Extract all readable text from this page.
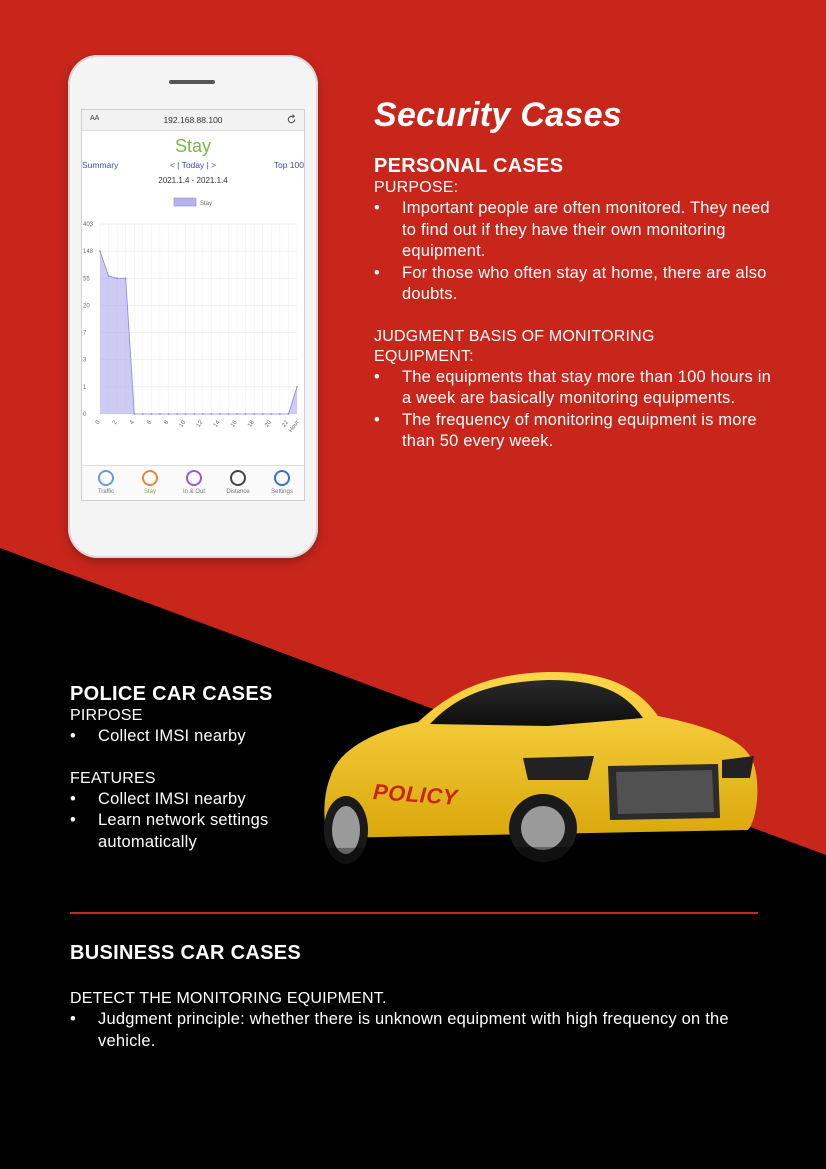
Security Cases
PERSONAL CASES
PURPOSE:
• Important people are often monitored. They need to find out if they have their own monitoring equipment.
• For those who often stay at home, there are also doubts.
JUDGMENT BASIS OF MONITORING
EQUIPMENT:
• The equipments that stay more than 100 hours in a week are basically monitoring equipments.
• The frequency of monitoring equipment is more than 50 every week.
AA	192.168.88.100
Stay
Summary	< | Today | >	Top 100
2021.1.4 - 2021.1.4
Stay
403
148
55
20
7
3
1
0
0 2 4 6 8 10 12 14 16 18 20 22
Hour
Traffic	Stay	In & Out	Distance	Settings
POLICE CAR CASES
PIRPOSE
• Collect IMSI nearby
FEATURES
• Collect IMSI nearby
• Learn network settings automatically
POLICY
BUSINESS CAR CASES
DETECT THE MONITORING EQUIPMENT.
• Judgment principle: whether there is unknown equipment with high frequency on the vehicle.
